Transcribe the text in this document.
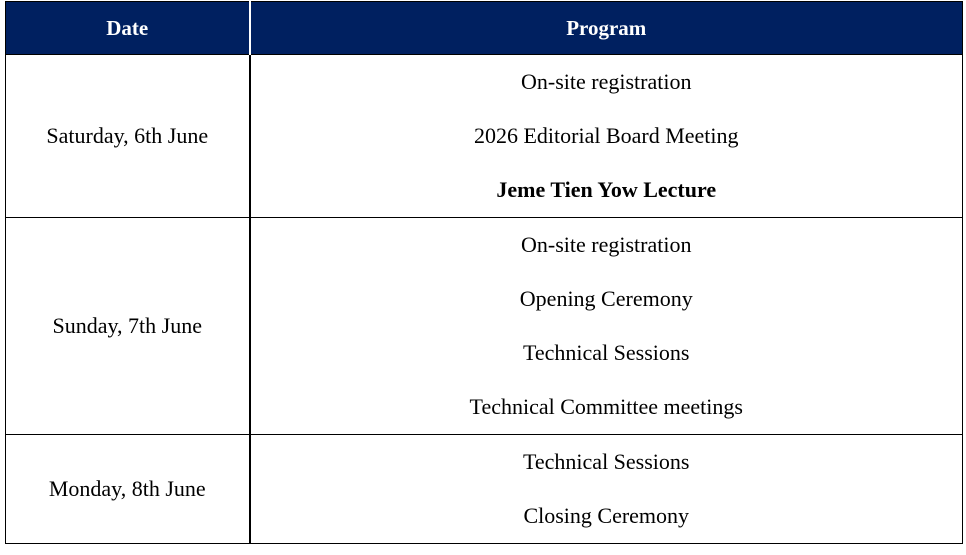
Date	Program
Saturday, 6th June	On-site registration
2026 Editorial Board Meeting
Jeme Tien Yow Lecture

Sunday, 7th June	On-site registration
Opening Ceremony
Technical Sessions
Technical Committee meetings

Monday, 8th June	Technical Sessions
Closing Ceremony
